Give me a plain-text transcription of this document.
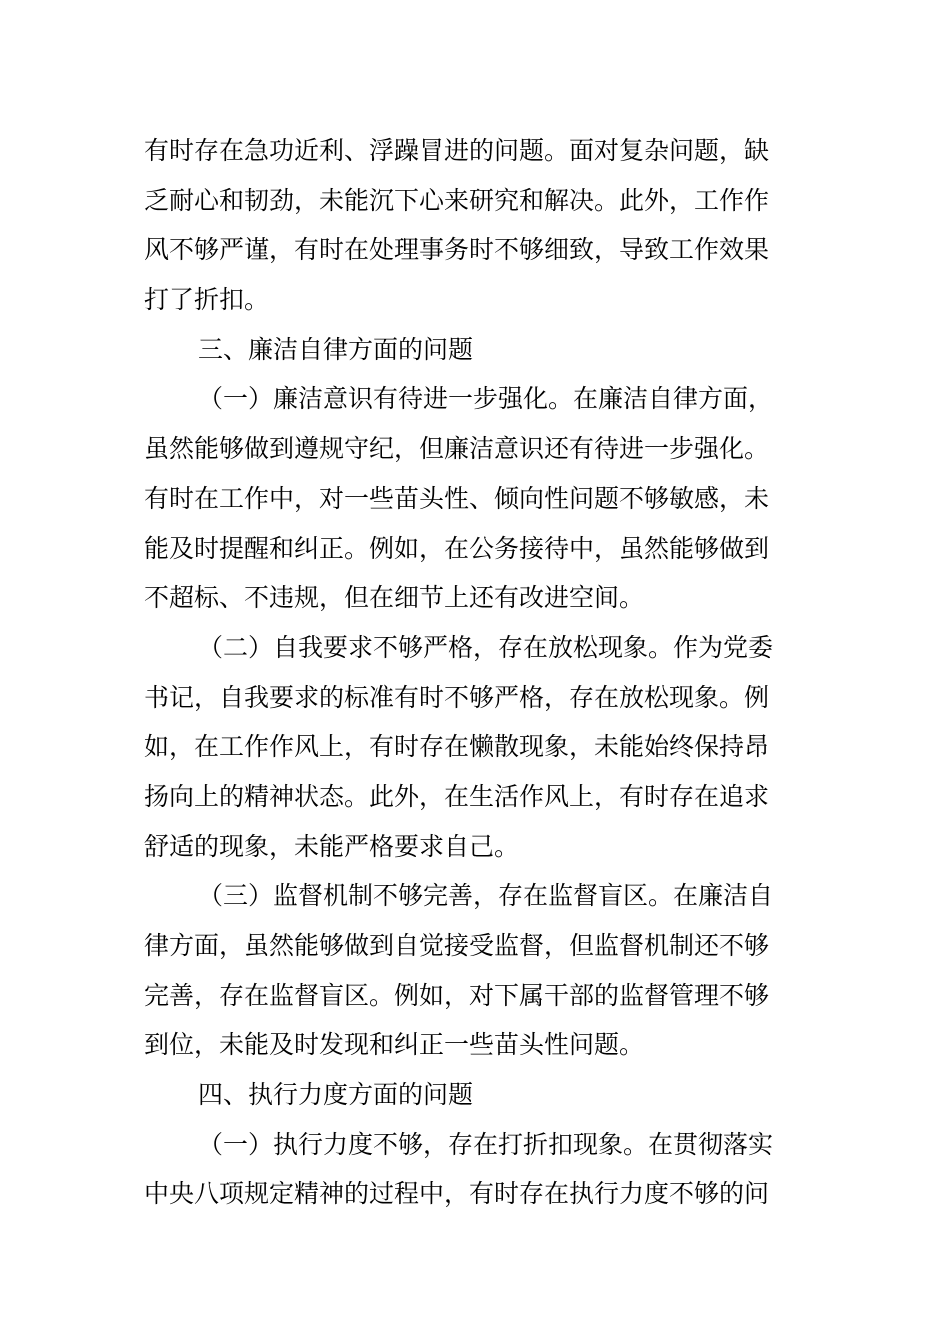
有时存在急功近利、浮躁冒进的问题。面对复杂问题，缺
乏耐心和韧劲，未能沉下心来研究和解决。此外，工作作
风不够严谨，有时在处理事务时不够细致，导致工作效果
打了折扣。
三、廉洁自律方面的问题
（一）廉洁意识有待进一步强化。在廉洁自律方面，
虽然能够做到遵规守纪，但廉洁意识还有待进一步强化。
有时在工作中，对一些苗头性、倾向性问题不够敏感，未
能及时提醒和纠正。例如，在公务接待中，虽然能够做到
不超标、不违规，但在细节上还有改进空间。
（二）自我要求不够严格，存在放松现象。作为党委
书记，自我要求的标准有时不够严格，存在放松现象。例
如，在工作作风上，有时存在懒散现象，未能始终保持昂
扬向上的精神状态。此外，在生活作风上，有时存在追求
舒适的现象，未能严格要求自己。
（三）监督机制不够完善，存在监督盲区。在廉洁自
律方面，虽然能够做到自觉接受监督，但监督机制还不够
完善，存在监督盲区。例如，对下属干部的监督管理不够
到位，未能及时发现和纠正一些苗头性问题。
四、执行力度方面的问题
（一）执行力度不够，存在打折扣现象。在贯彻落实
中央八项规定精神的过程中，有时存在执行力度不够的问
